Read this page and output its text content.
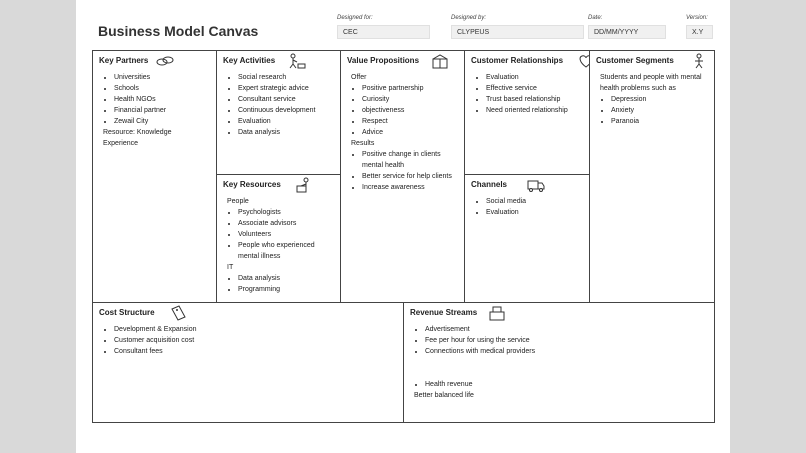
Business Model Canvas
Designed for:
CEC
Designed by:
CLYPEUS
Date:
DD/MM/YYYY
Version:
X.Y
Key Partners
• Universities
• Schools
• Health NGOs
• Financial partner
• Zewail City
Resource: Knowledge
Experience
Key Activities
• Social research
• Expert strategic advice
• Consultant service
• Continuous development
• Evaluation
• Data analysis
Key Resources
People
• Psychologists
• Associate advisors
• Volunteers
• People who experienced mental illness
IT
• Data analysis
• Programming
Value Propositions
Offer
• Positive partnership
• Curiosity
• objectiveness
• Respect
• Advice
Results
• Positive change in clients mental health
• Better service for help clients
• Increase awareness
Customer Relationships
• Evaluation
• Effective service
• Trust based relationship
• Need oriented relationship
Channels
• Social media
• Evaluation
Customer Segments
Students and people with mental health problems such as
• Depression
• Anxiety
• Paranoia
Cost Structure
• Development & Expansion
• Customer acquisition cost
• Consultant fees
Revenue Streams
• Advertisement
• Fee per hour for using the service
• Connections with medical providers
• Health revenue
Better balanced life
